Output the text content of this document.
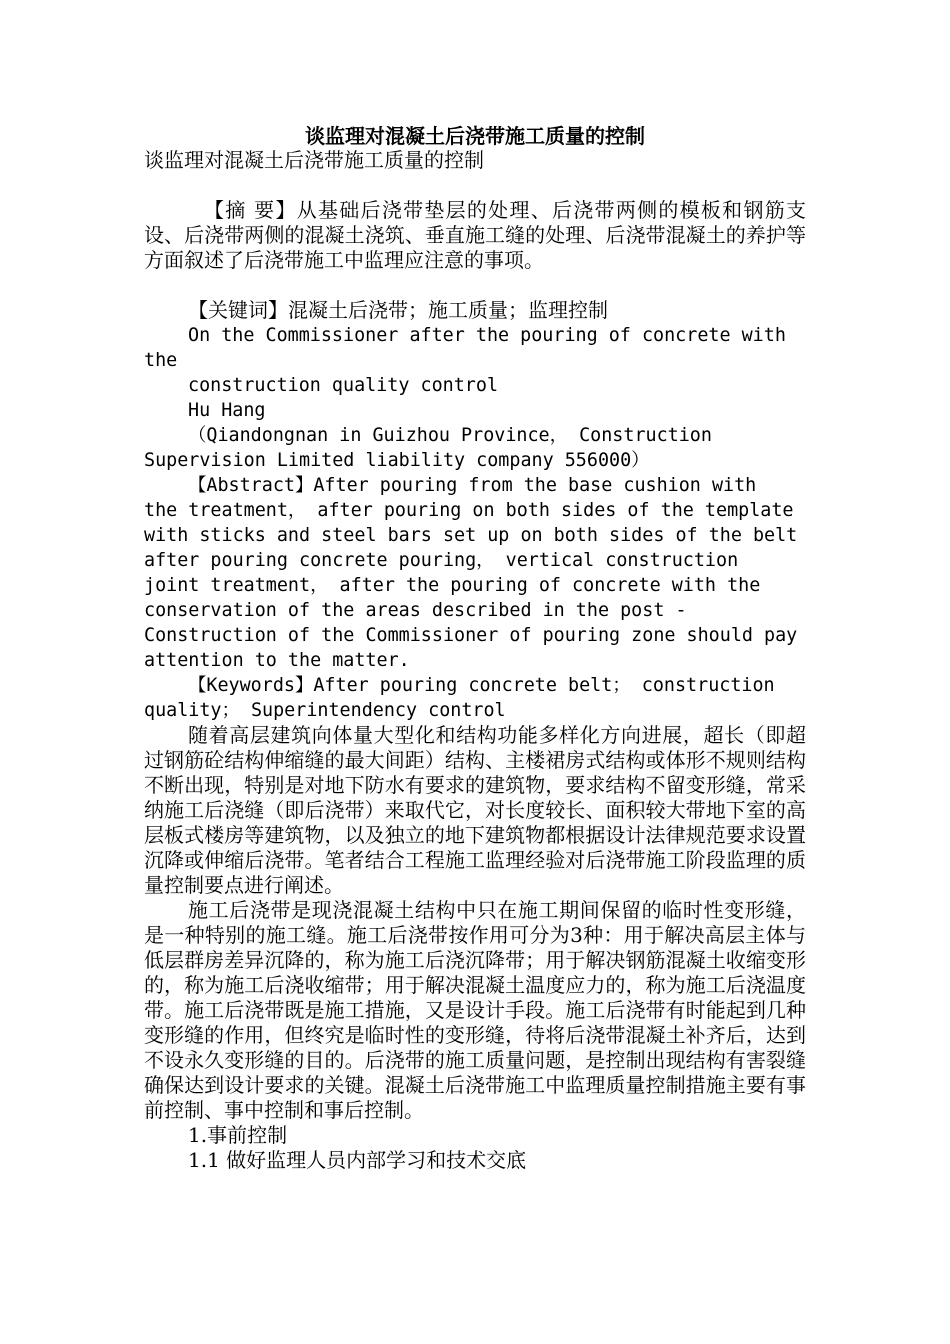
谈监理对混凝土后浇带施工质量的控制

谈监理对混凝土后浇带施工质量的控制

【摘 要】从基础后浇带垫层的处理、后浇带两侧的模板和钢筋支设、后浇带两侧的混凝土浇筑、垂直施工缝的处理、后浇带混凝土的养护等方面叙述了后浇带施工中监理应注意的事项。

【关键词】混凝土后浇带；施工质量；监理控制

On the Commissioner after the pouring of concrete with

the

construction quality control

Hu Hang

（Qiandongnan in Guizhou Province， Construction

Supervision Limited liability company 556000）

【Abstract】After pouring from the base cushion with

the treatment， after pouring on both sides of the template

with sticks and steel bars set up on both sides of the belt

after pouring concrete pouring， vertical construction

joint treatment， after the pouring of concrete with the

conservation of the areas described in the post -

Construction of the Commissioner of pouring zone should pay

attention to the matter.

【Keywords】After pouring concrete belt； construction

quality； Superintendency control

随着高层建筑向体量大型化和结构功能多样化方向进展，超长（即超过钢筋砼结构伸缩缝的最大间距）结构、主楼裙房式结构或体形不规则结构不断出现，特别是对地下防水有要求的建筑物，要求结构不留变形缝，常采纳施工后浇缝（即后浇带）来取代它，对长度较长、面积较大带地下室的高层板式楼房等建筑物，以及独立的地下建筑物都根据设计法律规范要求设置沉降或伸缩后浇带。笔者结合工程施工监理经验对后浇带施工阶段监理的质量控制要点进行阐述。

施工后浇带是现浇混凝土结构中只在施工期间保留的临时性变形缝，是一种特别的施工缝。施工后浇带按作用可分为3种：用于解决高层主体与低层群房差异沉降的，称为施工后浇沉降带；用于解决钢筋混凝土收缩变形的，称为施工后浇收缩带；用于解决混凝土温度应力的，称为施工后浇温度带。施工后浇带既是施工措施，又是设计手段。施工后浇带有时能起到几种变形缝的作用，但终究是临时性的变形缝，待将后浇带混凝土补齐后，达到不设永久变形缝的目的。后浇带的施工质量问题，是控制出现结构有害裂缝确保达到设计要求的关键。混凝土后浇带施工中监理质量控制措施主要有事前控制、事中控制和事后控制。

1.事前控制

1.1 做好监理人员内部学习和技术交底
